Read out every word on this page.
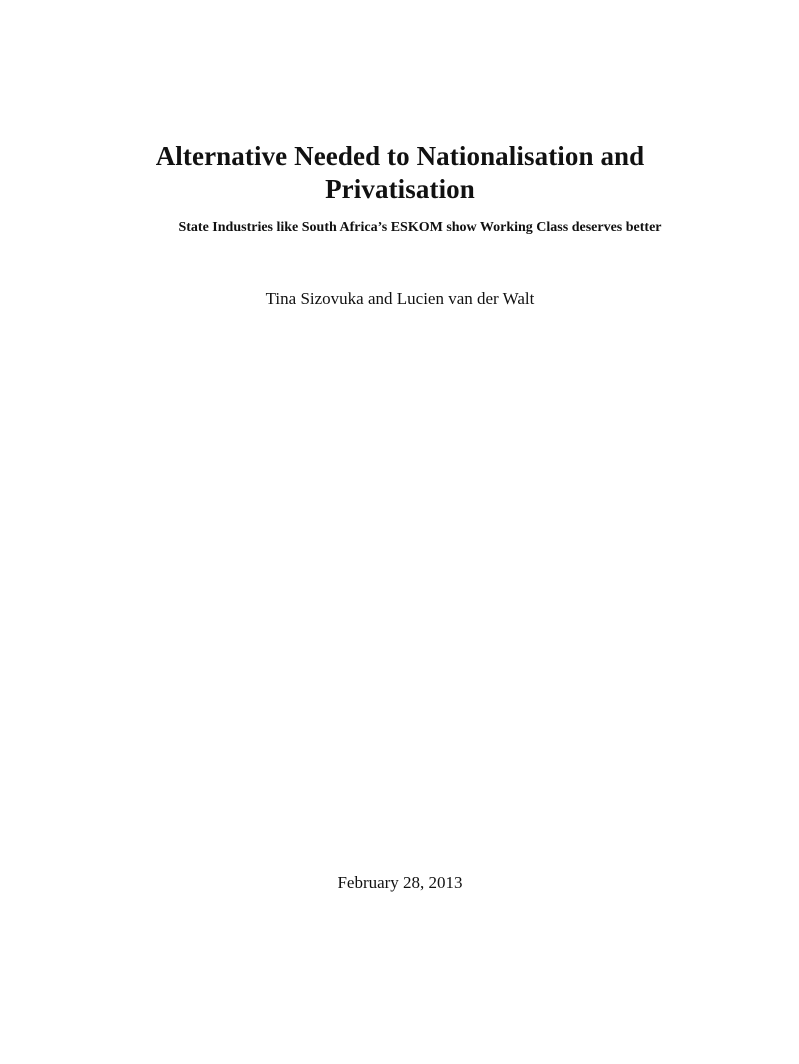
Alternative Needed to Nationalisation and Privatisation
State Industries like South Africa’s ESKOM show Working Class deserves better

Tina Sizovuka and Lucien van der Walt

February 28, 2013
